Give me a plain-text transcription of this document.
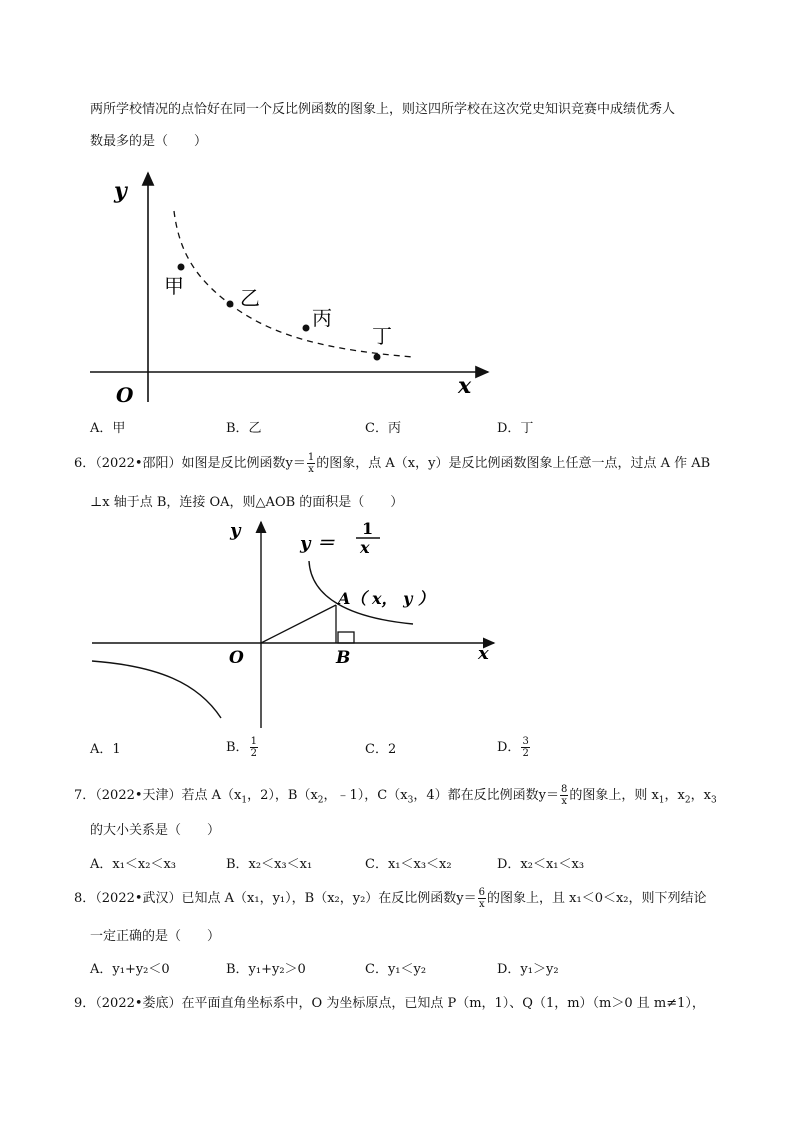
两所学校情况的点恰好在同一个反比例函数的图象上，则这四所学校在这次党史知识竞赛中成绩优秀人
数最多的是（　　）
y
x
O
甲	乙
丙
丁
A．甲	B．乙	C．丙	D．丁
6．（2022•邵阳）如图是反比例函数$y= \frac{1}{x}$ 的图象，点 A（x，y）是反比例函数图象上任意一点，过点 A 作 AB
⊥x 轴于点 B，连接 OA，则△AOB 的面积是（　　）
y
x
O	B
A（ x， y ）
y ＝
1
x
A．1	B． $\frac{1}{2}$	C．2	D． $\frac{3}{2}$
7．（2022•天津）若点 $A(x_1$，2），$B(x_2$，﹣1），$C(x_3$，4）都在反比例函数$y= \frac{8}{x}$ 的图象上，则 $x_1$，$x_2$，$x_3$
的大小关系是（　　）
A．x₁＜x₂＜x₃	B．x₂＜x₃＜x₁	C．x₁＜x₃＜x₂	D．x₂＜x₁＜x₃
8．（2022•武汉）已知点 A（x₁，y₁），B（x₂，y₂）在反比例函数$y= \frac{6}{x}$ 的图象上，且 x₁＜0＜x₂，则下列结论
一定正确的是（　　）
A．y₁+y₂＜0	B．y₁+y₂＞0	C．y₁＜y₂	D．y₁＞y₂
9．（2022•娄底）在平面直角坐标系中，O 为坐标原点，已知点 P（m，1）、Q（1，m）（m＞0 且 m≠1），
